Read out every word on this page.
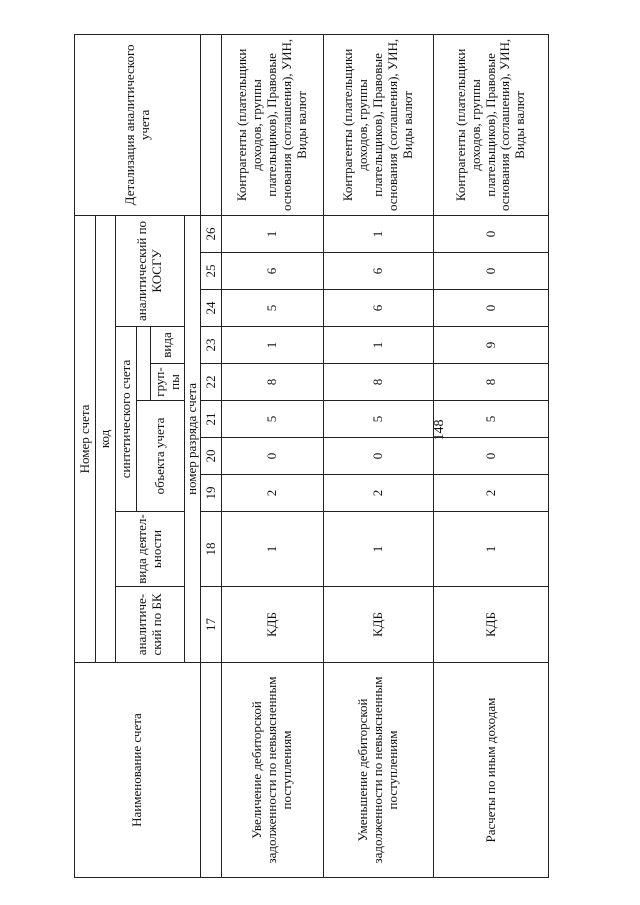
148
Наименование счета	Номер счета										Детализация аналитического учета
	код										
	аналитический по БК	вида деятельности	синтетического счета					аналитический по КОСГУ			
			объекта учета								
						группы	вида				
	номер разряда счета										
	17	18	19	20	21	22	23	24	25	26	
Увеличение дебиторской задолженности по невыясненным поступлениям	КДБ	1	2	0	5	8	1	5	6	1	Контрагенты (плательщики доходов, группы плательщиков), Правовые основания (соглашения), УИН, Виды валют
Уменьшение дебиторской задолженности по невыясненным поступлениям	КДБ	1	2	0	5	8	1	6	6	1	Контрагенты (плательщики доходов, группы плательщиков), Правовые основания (соглашения), УИН, Виды валют
Расчеты по иным доходам	КДБ	1	2	0	5	8	9	0	0	0	Контрагенты (плательщики доходов, группы плательщиков), Правовые основания (соглашения), УИН, Виды валют
